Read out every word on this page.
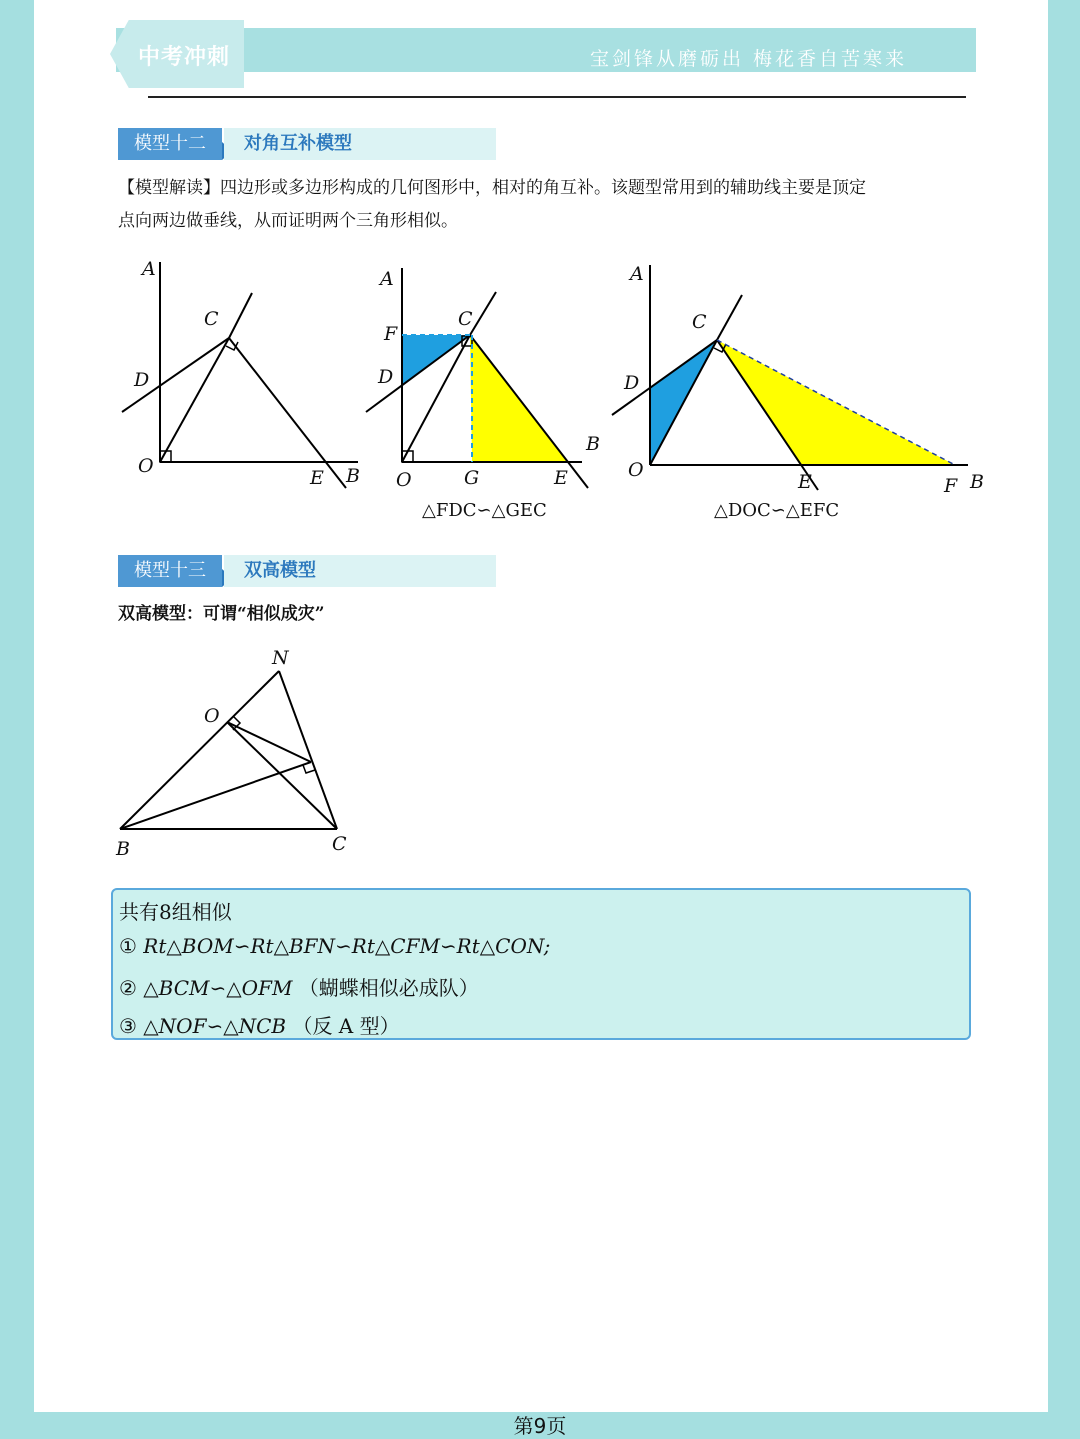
中考冲刺	宝剑锋从磨砺出 梅花香自苦寒来
模型十二	对角互补模型
【模型解读】四边形或多边形构成的几何图形中，相对的角互补。该题型常用到的辅助线主要是顶定
点向两边做垂线，从而证明两个三角形相似。
A
C
D
O
E B
A
F
C
D
B
O	G	E
△FDC∽△GEC
A
C
D
O
E	F B
△DOC∽△EFC
模型十三	双高模型
双高模型：可谓“相似成灾”
N
O
B	C
共有8组相似
① Rt△BOM∽Rt△BFN∽Rt△CFM∽Rt△CON;
② △BCM∽△OFM （蝴蝶相似必成队）
③ △NOF∽△NCB （反 A 型）
第9页
